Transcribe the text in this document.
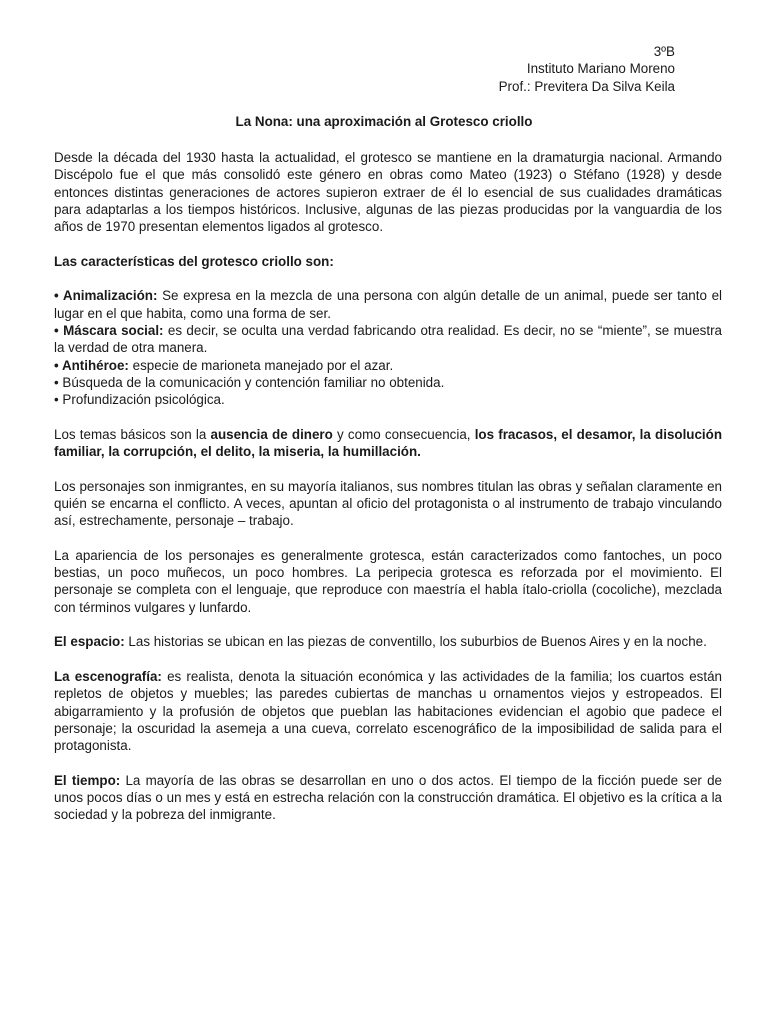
3ºB
Instituto Mariano Moreno
Prof.: Previtera Da Silva Keila
La Nona: una aproximación al Grotesco criollo

Desde la década del 1930 hasta la actualidad, el grotesco se mantiene en la dramaturgia nacional. Armando Discépolo fue el que más consolidó este género en obras como Mateo (1923) o Stéfano (1928) y desde entonces distintas generaciones de actores supieron extraer de él lo esencial de sus cualidades dramáticas para adaptarlas a los tiempos históricos. Inclusive, algunas de las piezas producidas por la vanguardia de los años de 1970 presentan elementos ligados al grotesco.

Las características del grotesco criollo son:

• Animalización: Se expresa en la mezcla de una persona con algún detalle de un animal, puede ser tanto el lugar en el que habita, como una forma de ser.
• Máscara social: es decir, se oculta una verdad fabricando otra realidad. Es decir, no se “miente”, se muestra la verdad de otra manera.
• Antihéroe: especie de marioneta manejado por el azar.
• Búsqueda de la comunicación y contención familiar no obtenida.
• Profundización psicológica.

Los temas básicos son la ausencia de dinero y como consecuencia, los fracasos, el desamor, la disolución familiar, la corrupción, el delito, la miseria, la humillación.

Los personajes son inmigrantes, en su mayoría italianos, sus nombres titulan las obras y señalan claramente en quién se encarna el conflicto. A veces, apuntan al oficio del protagonista o al instrumento de trabajo vinculando así, estrechamente, personaje – trabajo.

La apariencia de los personajes es generalmente grotesca, están caracterizados como fantoches, un poco bestias, un poco muñecos, un poco hombres. La peripecia grotesca es reforzada por el movimiento. El personaje se completa con el lenguaje, que reproduce con maestría el habla ítalo-criolla (cocoliche), mezclada con términos vulgares y lunfardo.

El espacio: Las historias se ubican en las piezas de conventillo, los suburbios de Buenos Aires y en la noche.

La escenografía: es realista, denota la situación económica y las actividades de la familia; los cuartos están repletos de objetos y muebles; las paredes cubiertas de manchas u ornamentos viejos y estropeados. El abigarramiento y la profusión de objetos que pueblan las habitaciones evidencian el agobio que padece el personaje; la oscuridad la asemeja a una cueva, correlato escenográfico de la imposibilidad de salida para el protagonista.

El tiempo: La mayoría de las obras se desarrollan en uno o dos actos. El tiempo de la ficción puede ser de unos pocos días o un mes y está en estrecha relación con la construcción dramática. El objetivo es la crítica a la sociedad y la pobreza del inmigrante.
